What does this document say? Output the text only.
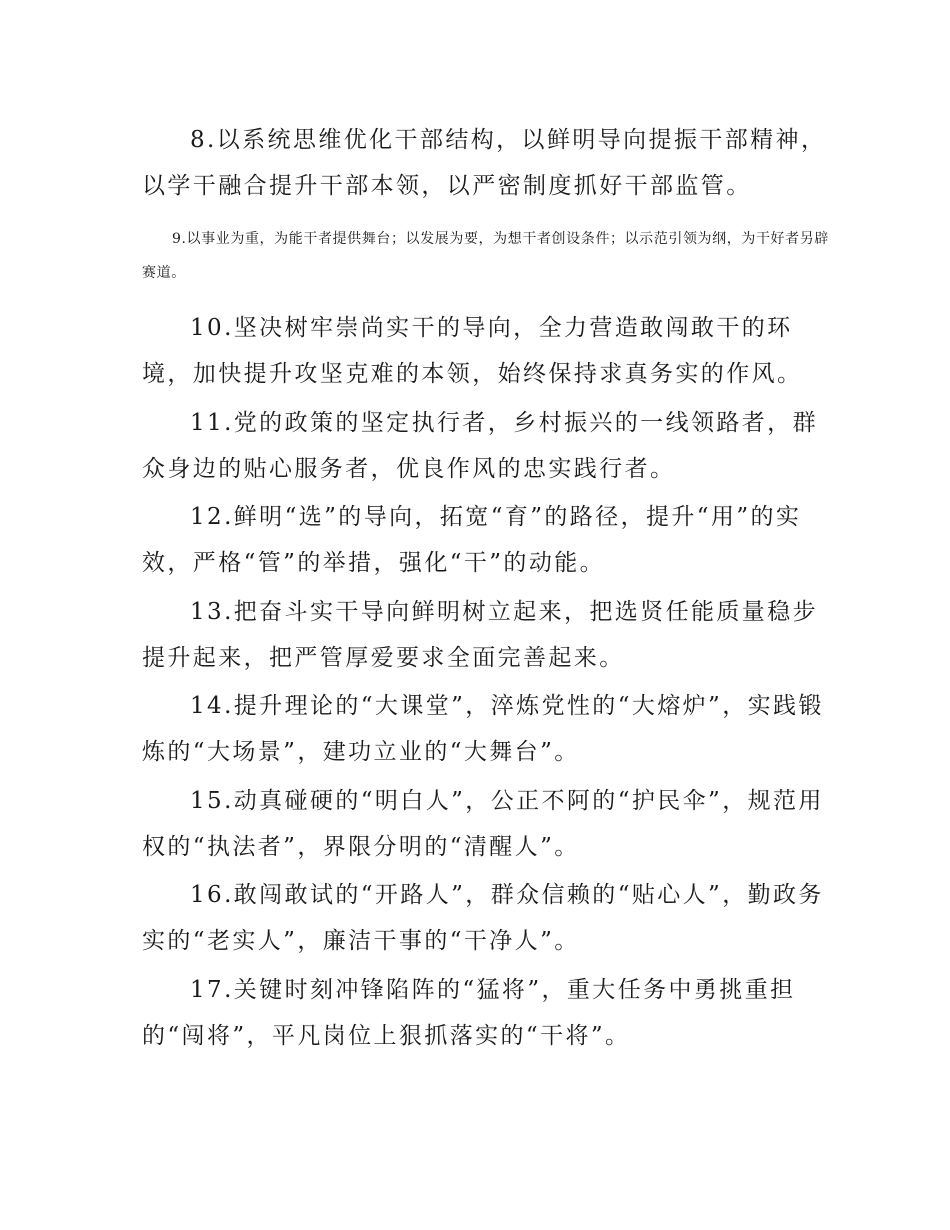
8.以系统思维优化干部结构，以鲜明导向提振干部精神，以学干融合提升干部本领，以严密制度抓好干部监管。

9.以事业为重，为能干者提供舞台；以发展为要，为想干者创设条件；以示范引领为纲，为干好者另辟赛道。

10.坚决树牢崇尚实干的导向，全力营造敢闯敢干的环境，加快提升攻坚克难的本领，始终保持求真务实的作风。

11.党的政策的坚定执行者，乡村振兴的一线领路者，群众身边的贴心服务者，优良作风的忠实践行者。

12.鲜明“选”的导向，拓宽“育”的路径，提升“用”的实效，严格“管”的举措，强化“干”的动能。

13.把奋斗实干导向鲜明树立起来，把选贤任能质量稳步提升起来，把严管厚爱要求全面完善起来。

14.提升理论的“大课堂”，淬炼党性的“大熔炉”，实践锻炼的“大场景”，建功立业的“大舞台”。

15.动真碰硬的“明白人”，公正不阿的“护民伞”，规范用权的“执法者”，界限分明的“清醒人”。

16.敢闯敢试的“开路人”，群众信赖的“贴心人”，勤政务实的“老实人”，廉洁干事的“干净人”。

17.关键时刻冲锋陷阵的“猛将”，重大任务中勇挑重担的“闯将”，平凡岗位上狠抓落实的“干将”。
